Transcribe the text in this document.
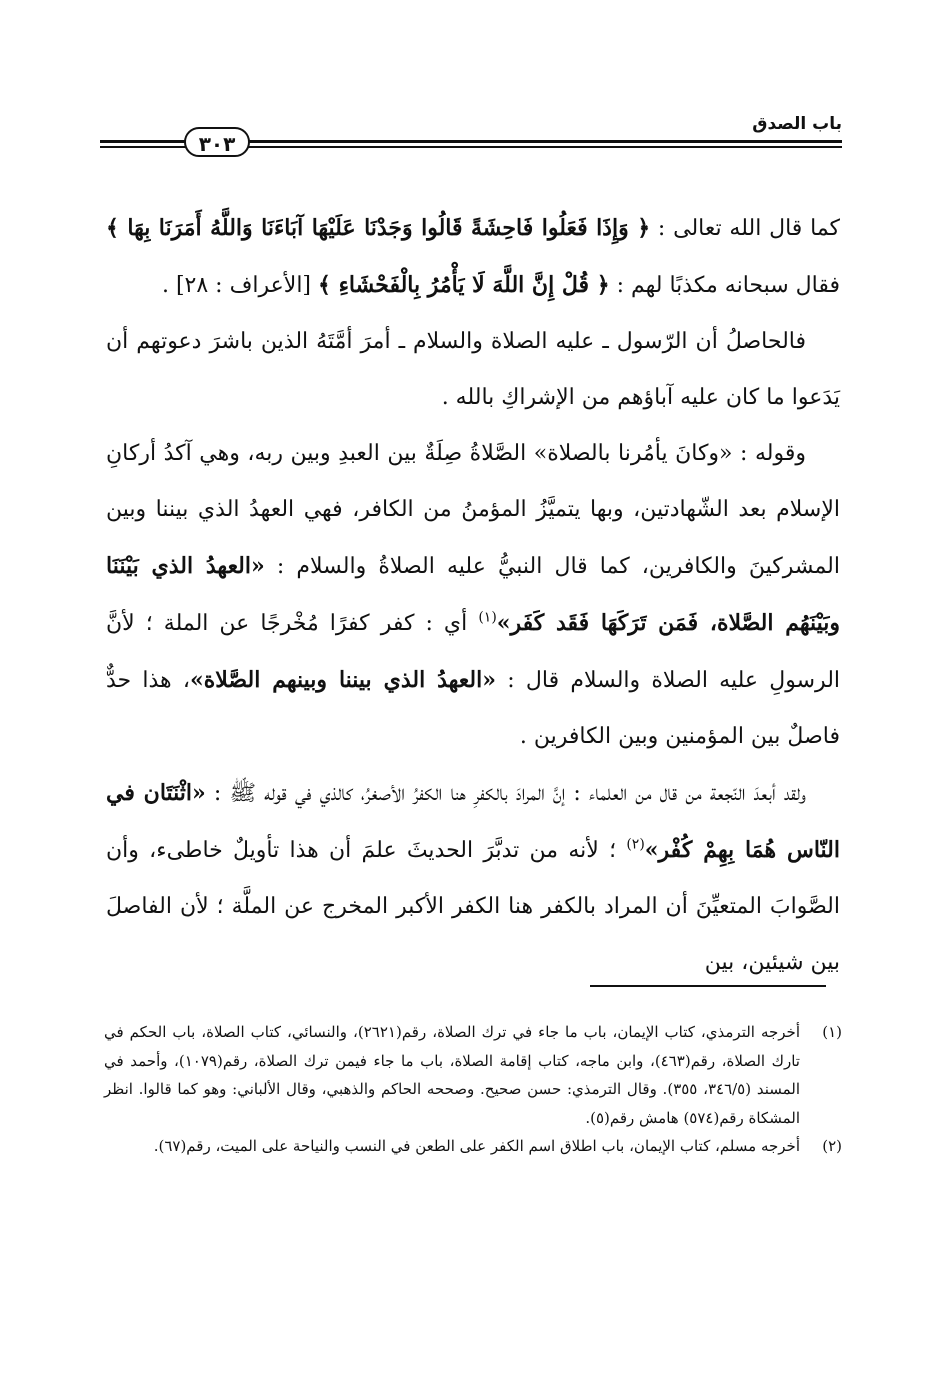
باب الصدق
٣٠٣

كما قال الله تعالى : ﴿ وَإِذَا فَعَلُوا فَاحِشَةً قَالُوا وَجَدْنَا عَلَيْهَا آبَاءَنَا وَاللَّهُ أَمَرَنَا بِهَا ﴾ فقال سبحانه مكذبًا لهم : ﴿ قُلْ إِنَّ اللَّهَ لَا يَأْمُرُ بِالْفَحْشَاءِ ﴾ [الأعراف : ٢٨] .

فالحاصلُ أن الرّسول ـ عليه الصلاة والسلام ـ أمرَ أمَّتَهُ الذين باشرَ دعوتهم أن يَدَعوا ما كان عليه آباؤهم من الإشراكِ بالله .

وقوله : «وكانَ يأمُرنا بالصلاة» الصَّلاةُ صِلَةٌ بين العبدِ وبين ربه، وهي آكدُ أركانِ الإسلام بعد الشّهادتين، وبها يتميَّزُ المؤمنُ من الكافر، فهي العهدُ الذي بيننا وبين المشركينَ والكافرين، كما قال النبيُّ عليه الصلاةُ والسلام : «العهدُ الذي بَيْنَنَا وبَيْنَهُم الصَّلاة، فَمَن تَرَكَهَا فَقَد كَفَر»$^{(١)}$ أي : كفر كفرًا مُخْرجًا عن الملة ؛ لأنَّ الرسولِ عليه الصلاة والسلام قال : «العهدُ الذي بيننا وبينهم الصَّلاة»، هذا حدٌّ فاصلٌ بين المؤمنين وبين الكافرين .

ولقد أبعدَ النّجعة من قال من العلماء : إنَّ المرادَ بالكفرِ هنا الكفرُ الأصغرُ، كالذي في قوله ﷺ : «اثْنَتَان في النّاس هُمَا بِهِمْ كُفْر»$^{(٢)}$ ؛ لأنه من تدبَّرَ الحديثَ علمَ أن هذا تأويلٌ خاطىء، وأن الصَّوابَ المتعيِّنَ أن المراد بالكفر هنا الكفر الأكبر المخرج عن الملَّة ؛ لأن الفاصلَ بين شيئين، بين

(١)
أخرجه الترمذي، كتاب الإيمان، باب ما جاء في ترك الصلاة، رقم(٢٦٢١)، والنسائي، كتاب الصلاة، باب الحكم في تارك الصلاة، رقم(٤٦٣)، وابن ماجه، كتاب إقامة الصلاة، باب ما جاء فيمن ترك الصلاة، رقم(١٠٧٩)، وأحمد في المسند (٣٤٦/٥، ٣٥٥). وقال الترمذي: حسن صحيح. وصححه الحاكم والذهبي، وقال الألباني: وهو كما قالوا. انظر المشكاة رقم(٥٧٤) هامش رقم(٥).
(٢)
أخرجه مسلم، كتاب الإيمان، باب اطلاق اسم الكفر على الطعن في النسب والنياحة على الميت، رقم(٦٧).
